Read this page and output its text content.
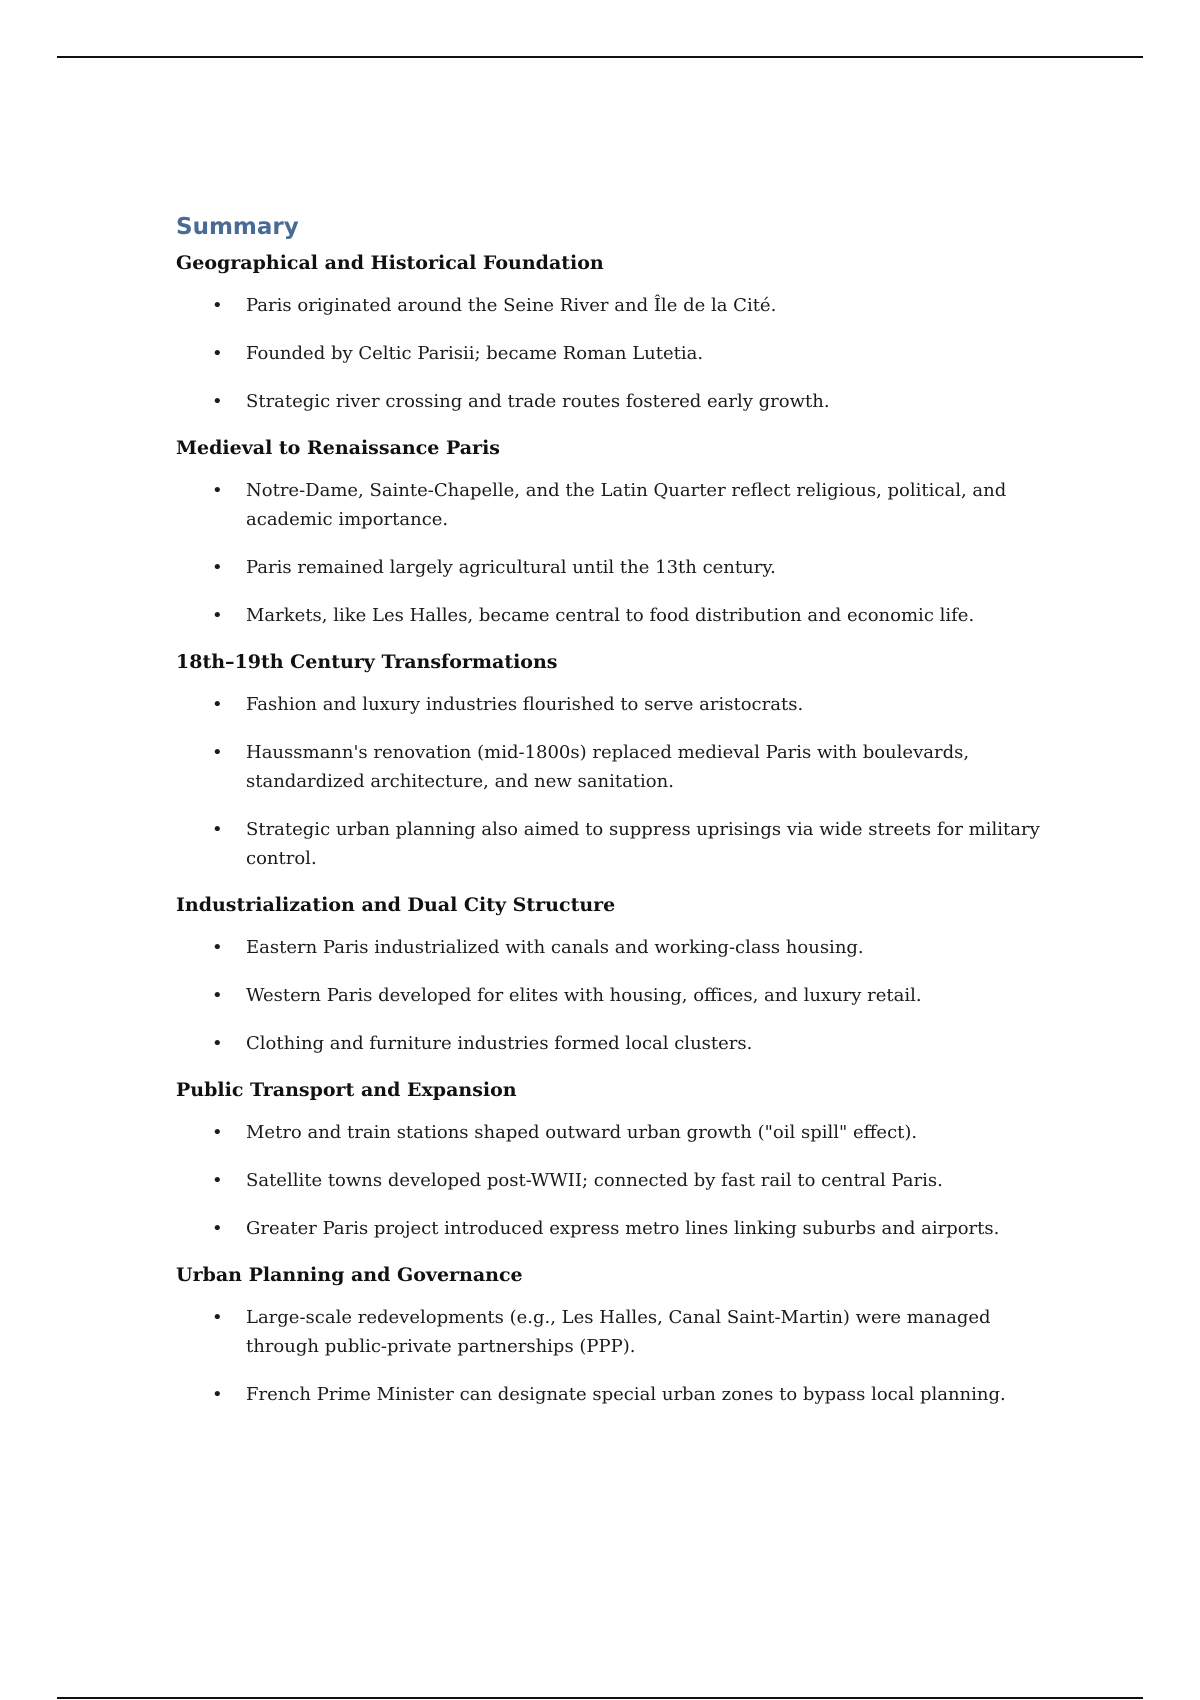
Summary
Geographical and Historical Foundation
• Paris originated around the Seine River and Île de la Cité.
• Founded by Celtic Parisii; became Roman Lutetia.
• Strategic river crossing and trade routes fostered early growth.
Medieval to Renaissance Paris
• Notre-Dame, Sainte-Chapelle, and the Latin Quarter reflect religious, political, and academic importance.
• Paris remained largely agricultural until the 13th century.
• Markets, like Les Halles, became central to food distribution and economic life.
18th–19th Century Transformations
• Fashion and luxury industries flourished to serve aristocrats.
• Haussmann's renovation (mid-1800s) replaced medieval Paris with boulevards, standardized architecture, and new sanitation.
• Strategic urban planning also aimed to suppress uprisings via wide streets for military control.
Industrialization and Dual City Structure
• Eastern Paris industrialized with canals and working-class housing.
• Western Paris developed for elites with housing, offices, and luxury retail.
• Clothing and furniture industries formed local clusters.
Public Transport and Expansion
• Metro and train stations shaped outward urban growth ("oil spill" effect).
• Satellite towns developed post-WWII; connected by fast rail to central Paris.
• Greater Paris project introduced express metro lines linking suburbs and airports.
Urban Planning and Governance
• Large-scale redevelopments (e.g., Les Halles, Canal Saint-Martin) were managed through public-private partnerships (PPP).
• French Prime Minister can designate special urban zones to bypass local planning.
